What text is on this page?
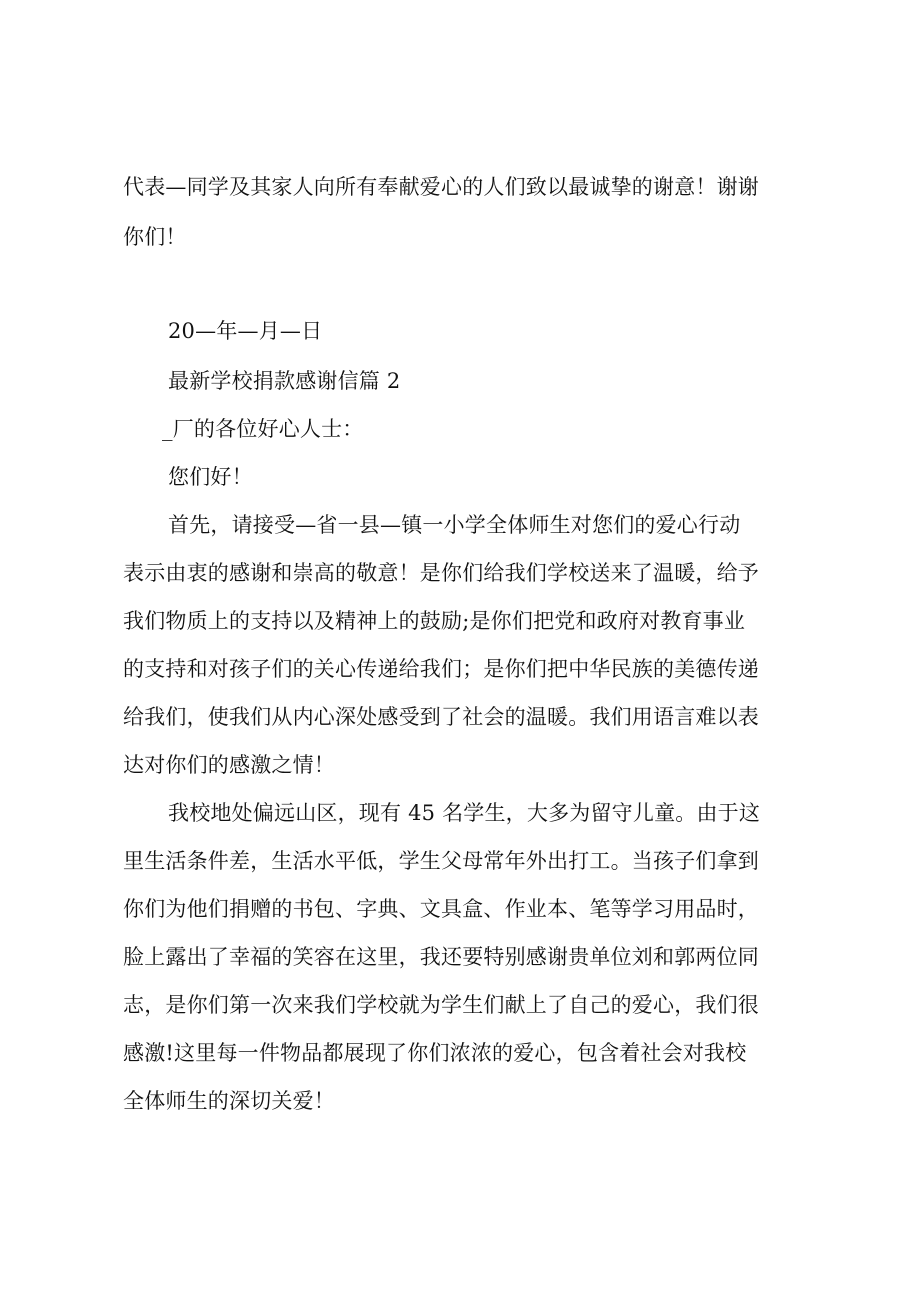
代表—同学及其家人向所有奉献爱心的人们致以最诚挚的谢意！谢谢
你们！
20—年—月—日
最新学校捐款感谢信篇 2
_厂的各位好心人士：
您们好！
首先，请接受—省一县—镇一小学全体师生对您们的爱心行动
表示由衷的感谢和崇高的敬意！是你们给我们学校送来了温暖，给予
我们物质上的支持以及精神上的鼓励;是你们把党和政府对教育事业
的支持和对孩子们的关心传递给我们；是你们把中华民族的美德传递
给我们，使我们从内心深处感受到了社会的温暖。我们用语言难以表
达对你们的感激之情！
我校地处偏远山区，现有 45 名学生，大多为留守儿童。由于这
里生活条件差，生活水平低，学生父母常年外出打工。当孩子们拿到
你们为他们捐赠的书包、字典、文具盒、作业本、笔等学习用品时，
脸上露出了幸福的笑容在这里，我还要特别感谢贵单位刘和郭两位同
志，是你们第一次来我们学校就为学生们献上了自己的爱心，我们很
感激!这里每一件物品都展现了你们浓浓的爱心，包含着社会对我校
全体师生的深切关爱！
